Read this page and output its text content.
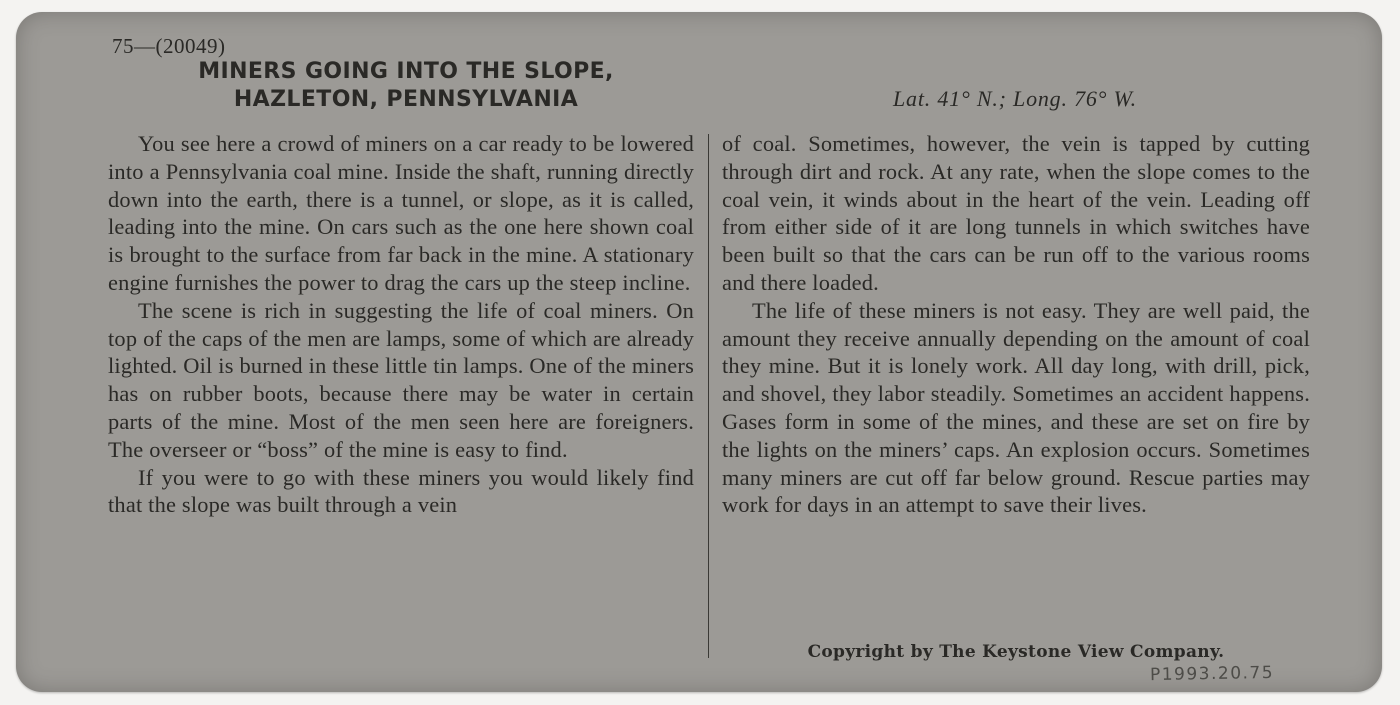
75—(20049)
MINERS GOING INTO THE SLOPE,
HAZLETON, PENNSYLVANIA	Lat. 41° N.; Long. 76° W.

You see here a crowd of miners on a car ready to be lowered into a Pennsylvania coal mine. Inside the shaft, running directly down into the earth, there is a tunnel, or slope, as it is called, leading into the mine. On cars such as the one here shown coal is brought to the surface from far back in the mine. A stationary engine furnishes the power to drag the cars up the steep incline.

The scene is rich in suggesting the life of coal miners. On top of the caps of the men are lamps, some of which are already lighted. Oil is burned in these little tin lamps. One of the miners has on rubber boots, because there may be water in certain parts of the mine. Most of the men seen here are foreigners. The overseer or “boss” of the mine is easy to find.

If you were to go with these miners you would likely find that the slope was built through a vein

of coal. Sometimes, however, the vein is tapped by cutting through dirt and rock. At any rate, when the slope comes to the coal vein, it winds about in the heart of the vein. Leading off from either side of it are long tunnels in which switches have been built so that the cars can be run off to the various rooms and there loaded.

The life of these miners is not easy. They are well paid, the amount they receive annually depending on the amount of coal they mine. But it is lonely work. All day long, with drill, pick, and shovel, they labor steadily. Sometimes an accident happens. Gases form in some of the mines, and these are set on fire by the lights on the miners’ caps. An explosion occurs. Sometimes many miners are cut off far below ground. Rescue parties may work for days in an attempt to save their lives.

Copyright by The Keystone View Company.
P1993.20.75
